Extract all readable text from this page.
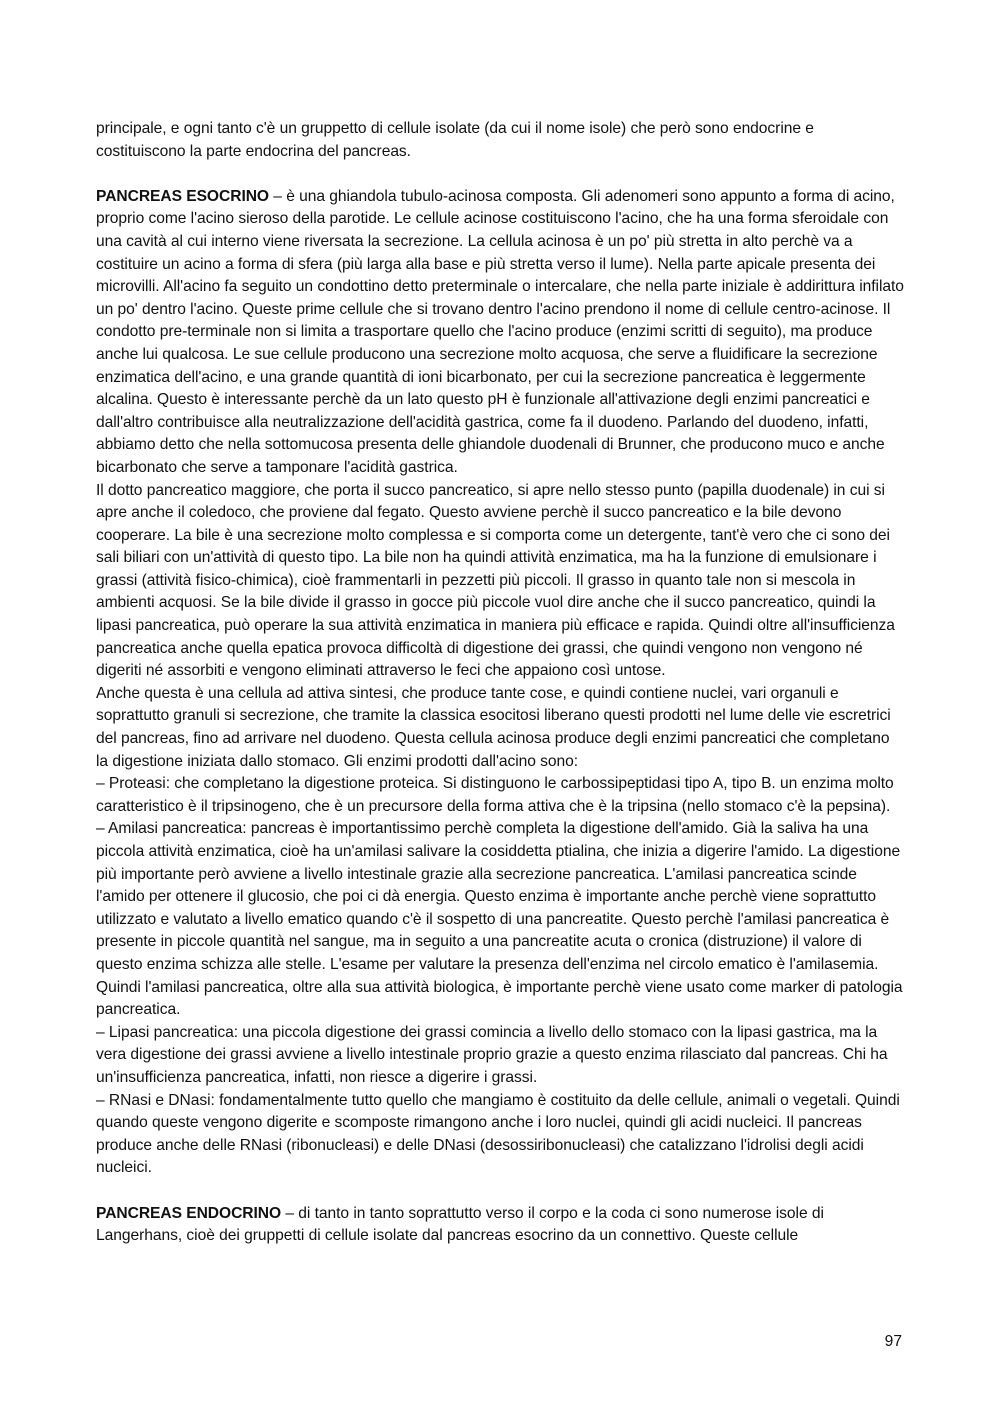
principale, e ogni tanto c'è un gruppetto di cellule isolate (da cui il nome isole) che però sono endocrine e costituiscono la parte endocrina del pancreas.

PANCREAS ESOCRINO – è una ghiandola tubulo-acinosa composta. Gli adenomeri sono appunto a forma di acino, proprio come l'acino sieroso della parotide. Le cellule acinose costituiscono l'acino, che ha una forma sferoidale con una cavità al cui interno viene riversata la secrezione. La cellula acinosa è un po' più stretta in alto perchè va a costituire un acino a forma di sfera (più larga alla base e più stretta verso il lume). Nella parte apicale presenta dei microvilli. All'acino fa seguito un condottino detto preterminale o intercalare, che nella parte iniziale è addirittura infilato un po' dentro l'acino. Queste prime cellule che si trovano dentro l'acino prendono il nome di cellule centro-acinose. Il condotto pre-terminale non si limita a trasportare quello che l'acino produce (enzimi scritti di seguito), ma produce anche lui qualcosa. Le sue cellule producono una secrezione molto acquosa, che serve a fluidificare la secrezione enzimatica dell'acino, e una grande quantità di ioni bicarbonato, per cui la secrezione pancreatica è leggermente alcalina. Questo è interessante perchè da un lato questo pH è funzionale all'attivazione degli enzimi pancreatici e dall'altro contribuisce alla neutralizzazione dell'acidità gastrica, come fa il duodeno. Parlando del duodeno, infatti, abbiamo detto che nella sottomucosa presenta delle ghiandole duodenali di Brunner, che producono muco e anche bicarbonato che serve a tamponare l'acidità gastrica.

Il dotto pancreatico maggiore, che porta il succo pancreatico, si apre nello stesso punto (papilla duodenale) in cui si apre anche il coledoco, che proviene dal fegato. Questo avviene perchè il succo pancreatico e la bile devono cooperare. La bile è una secrezione molto complessa e si comporta come un detergente, tant'è vero che ci sono dei sali biliari con un'attività di questo tipo. La bile non ha quindi attività enzimatica, ma ha la funzione di emulsionare i grassi (attività fisico-chimica), cioè frammentarli in pezzetti più piccoli. Il grasso in quanto tale non si mescola in ambienti acquosi. Se la bile divide il grasso in gocce più piccole vuol dire anche che il succo pancreatico, quindi la lipasi pancreatica, può operare la sua attività enzimatica in maniera più efficace e rapida. Quindi oltre all'insufficienza pancreatica anche quella epatica provoca difficoltà di digestione dei grassi, che quindi vengono non vengono né digeriti né assorbiti e vengono eliminati attraverso le feci che appaiono così untose.

Anche questa è una cellula ad attiva sintesi, che produce tante cose, e quindi contiene nuclei, vari organuli e soprattutto granuli si secrezione, che tramite la classica esocitosi liberano questi prodotti nel lume delle vie escretrici del pancreas, fino ad arrivare nel duodeno. Questa cellula acinosa produce degli enzimi pancreatici che completano la digestione iniziata dallo stomaco. Gli enzimi prodotti dall'acino sono:

– Proteasi: che completano la digestione proteica. Si distinguono le carbossipeptidasi tipo A, tipo B. un enzima molto caratteristico è il tripsinogeno, che è un precursore della forma attiva che è la tripsina (nello stomaco c'è la pepsina).

– Amilasi pancreatica: pancreas è importantissimo perchè completa la digestione dell'amido. Già la saliva ha una piccola attività enzimatica, cioè ha un'amilasi salivare la cosiddetta ptialina, che inizia a digerire l'amido. La digestione più importante però avviene a livello intestinale grazie alla secrezione pancreatica. L'amilasi pancreatica scinde l'amido per ottenere il glucosio, che poi ci dà energia. Questo enzima è importante anche perchè viene soprattutto utilizzato e valutato a livello ematico quando c'è il sospetto di una pancreatite. Questo perchè l'amilasi pancreatica è presente in piccole quantità nel sangue, ma in seguito a una pancreatite acuta o cronica (distruzione) il valore di questo enzima schizza alle stelle. L'esame per valutare la presenza dell'enzima nel circolo ematico è l'amilasemia. Quindi l'amilasi pancreatica, oltre alla sua attività biologica, è importante perchè viene usato come marker di patologia pancreatica.

– Lipasi pancreatica: una piccola digestione dei grassi comincia a livello dello stomaco con la lipasi gastrica, ma la vera digestione dei grassi avviene a livello intestinale proprio grazie a questo enzima rilasciato dal pancreas. Chi ha un'insufficienza pancreatica, infatti, non riesce a digerire i grassi.

– RNasi e DNasi: fondamentalmente tutto quello che mangiamo è costituito da delle cellule, animali o vegetali. Quindi quando queste vengono digerite e scomposte rimangono anche i loro nuclei, quindi gli acidi nucleici. Il pancreas produce anche delle RNasi (ribonucleasi) e delle DNasi (desossiribonucleasi) che catalizzano l'idrolisi degli acidi nucleici.

PANCREAS ENDOCRINO – di tanto in tanto soprattutto verso il corpo e la coda ci sono numerose isole di Langerhans, cioè dei gruppetti di cellule isolate dal pancreas esocrino da un connettivo. Queste cellule

97
